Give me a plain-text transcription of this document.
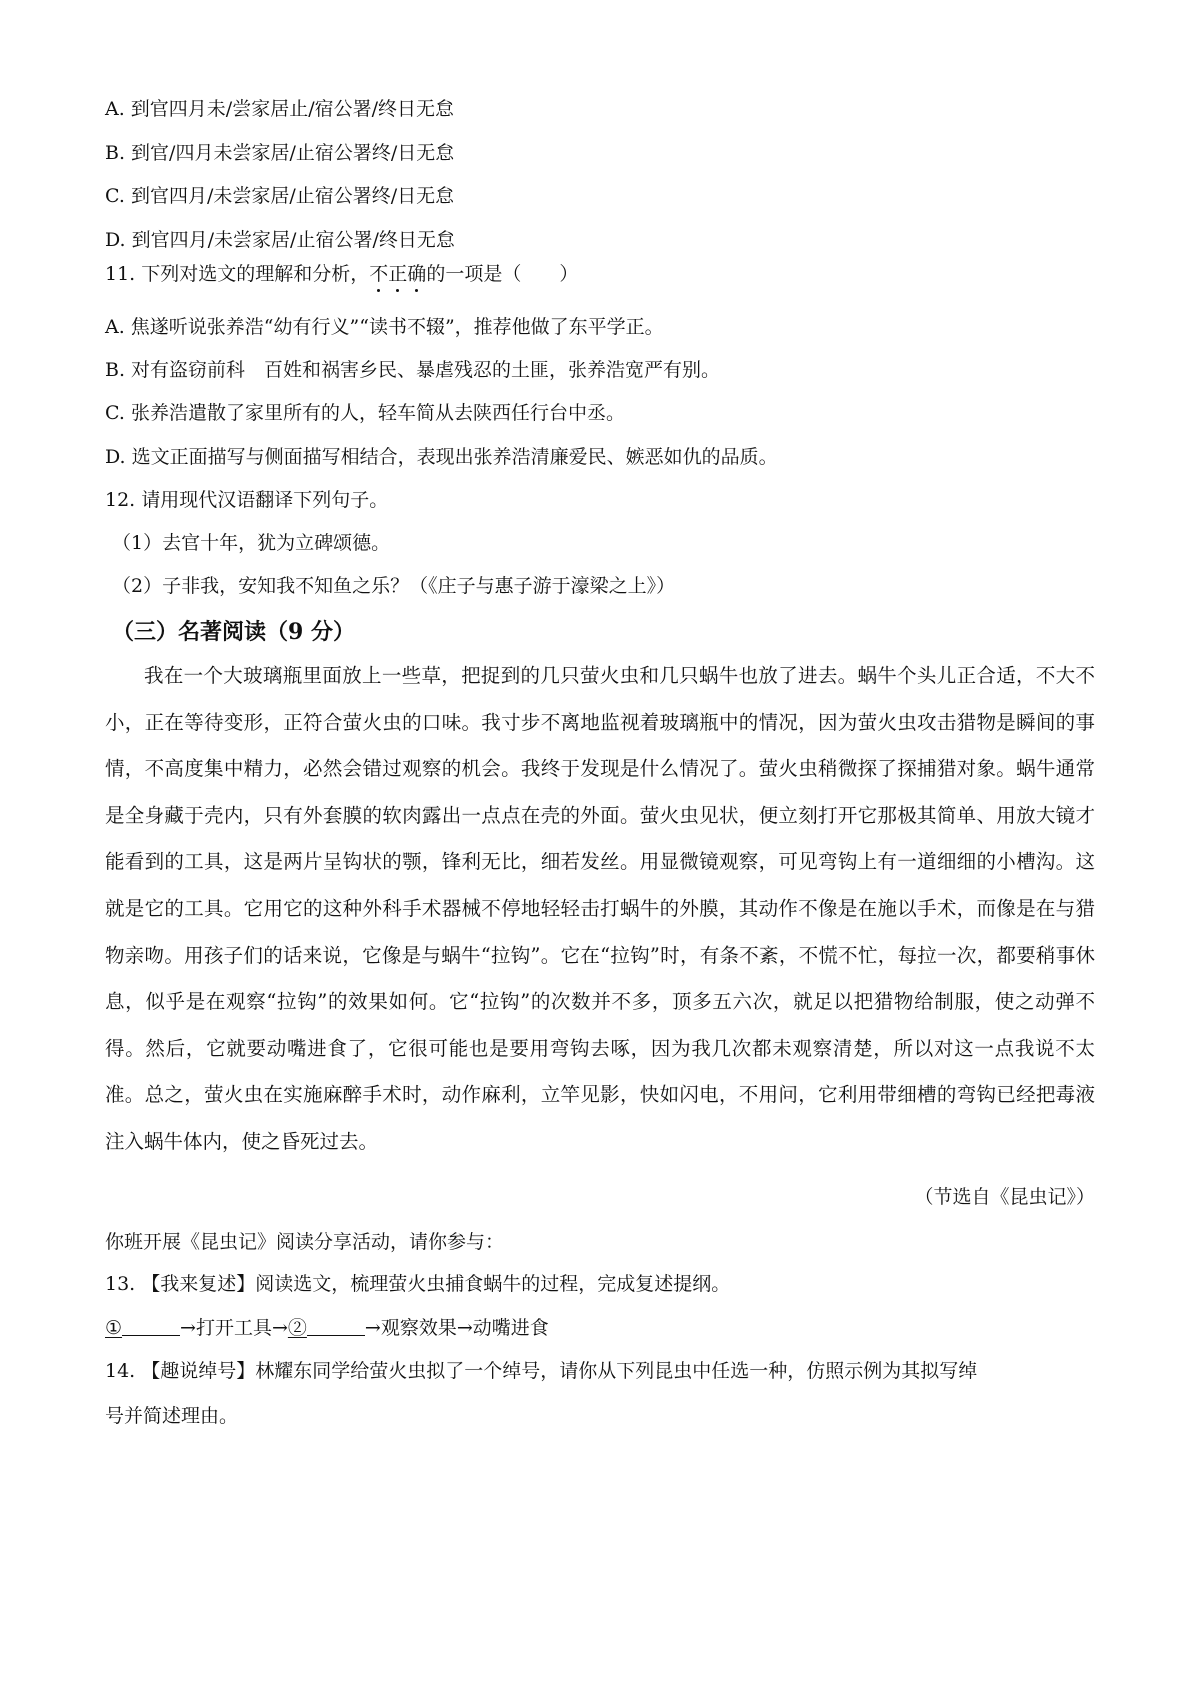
A. 到官四月未/尝家居止/宿公署/终日无怠
B. 到官/四月未尝家居/止宿公署终/日无怠
C. 到官四月/未尝家居/止宿公署终/日无怠
D. 到官四月/未尝家居/止宿公署/终日无怠
11. 下列对选文的理解和分析，不正确的一项是（　　）
A. 焦遂听说张养浩“幼有行义”“读书不辍”，推荐他做了东平学正。
B. 对有盗窃前科　百姓和祸害乡民、暴虐残忍的土匪，张养浩宽严有别。
C. 张养浩遣散了家里所有的人，轻车简从去陕西任行台中丞。
D. 选文正面描写与侧面描写相结合，表现出张养浩清廉爱民、嫉恶如仇的品质。
12. 请用现代汉语翻译下列句子。
（1）去官十年，犹为立碑颂德。
（2）子非我，安知我不知鱼之乐？（《庄子与惠子游于濠梁之上》）
（三）名著阅读（9 分）
我在一个大玻璃瓶里面放上一些草，把捉到的几只萤火虫和几只蜗牛也放了进去。蜗牛个头儿正合适，不大不小，正在等待变形，正符合萤火虫的口味。我寸步不离地监视着玻璃瓶中的情况，因为萤火虫攻击猎物是瞬间的事情，不高度集中精力，必然会错过观察的机会。我终于发现是什么情况了。萤火虫稍微探了探捕猎对象。蜗牛通常是全身藏于壳内，只有外套膜的软肉露出一点点在壳的外面。萤火虫见状，便立刻打开它那极其简单、用放大镜才能看到的工具，这是两片呈钩状的颚，锋利无比，细若发丝。用显微镜观察，可见弯钩上有一道细细的小槽沟。这就是它的工具。它用它的这种外科手术器械不停地轻轻击打蜗牛的外膜，其动作不像是在施以手术，而像是在与猎物亲吻。用孩子们的话来说，它像是与蜗牛“拉钩”。它在“拉钩”时，有条不紊，不慌不忙，每拉一次，都要稍事休息，似乎是在观察“拉钩”的效果如何。它“拉钩”的次数并不多，顶多五六次，就足以把猎物给制服，使之动弹不得。然后，它就要动嘴进食了，它很可能也是要用弯钩去啄，因为我几次都未观察清楚，所以对这一点我说不太准。总之，萤火虫在实施麻醉手术时，动作麻利，立竿见影，快如闪电，不用问，它利用带细槽的弯钩已经把毒液注入蜗牛体内，使之昏死过去。
（节选自《昆虫记》）
你班开展《昆虫记》阅读分享活动，请你参与：
13. 【我来复述】阅读选文，梳理萤火虫捕食蜗牛的过程，完成复述提纲。
①	→打开工具→②	→观察效果→动嘴进食
14. 【趣说绰号】林耀东同学给萤火虫拟了一个绰号，请你从下列昆虫中任选一种，仿照示例为其拟写绰
号并简述理由。
